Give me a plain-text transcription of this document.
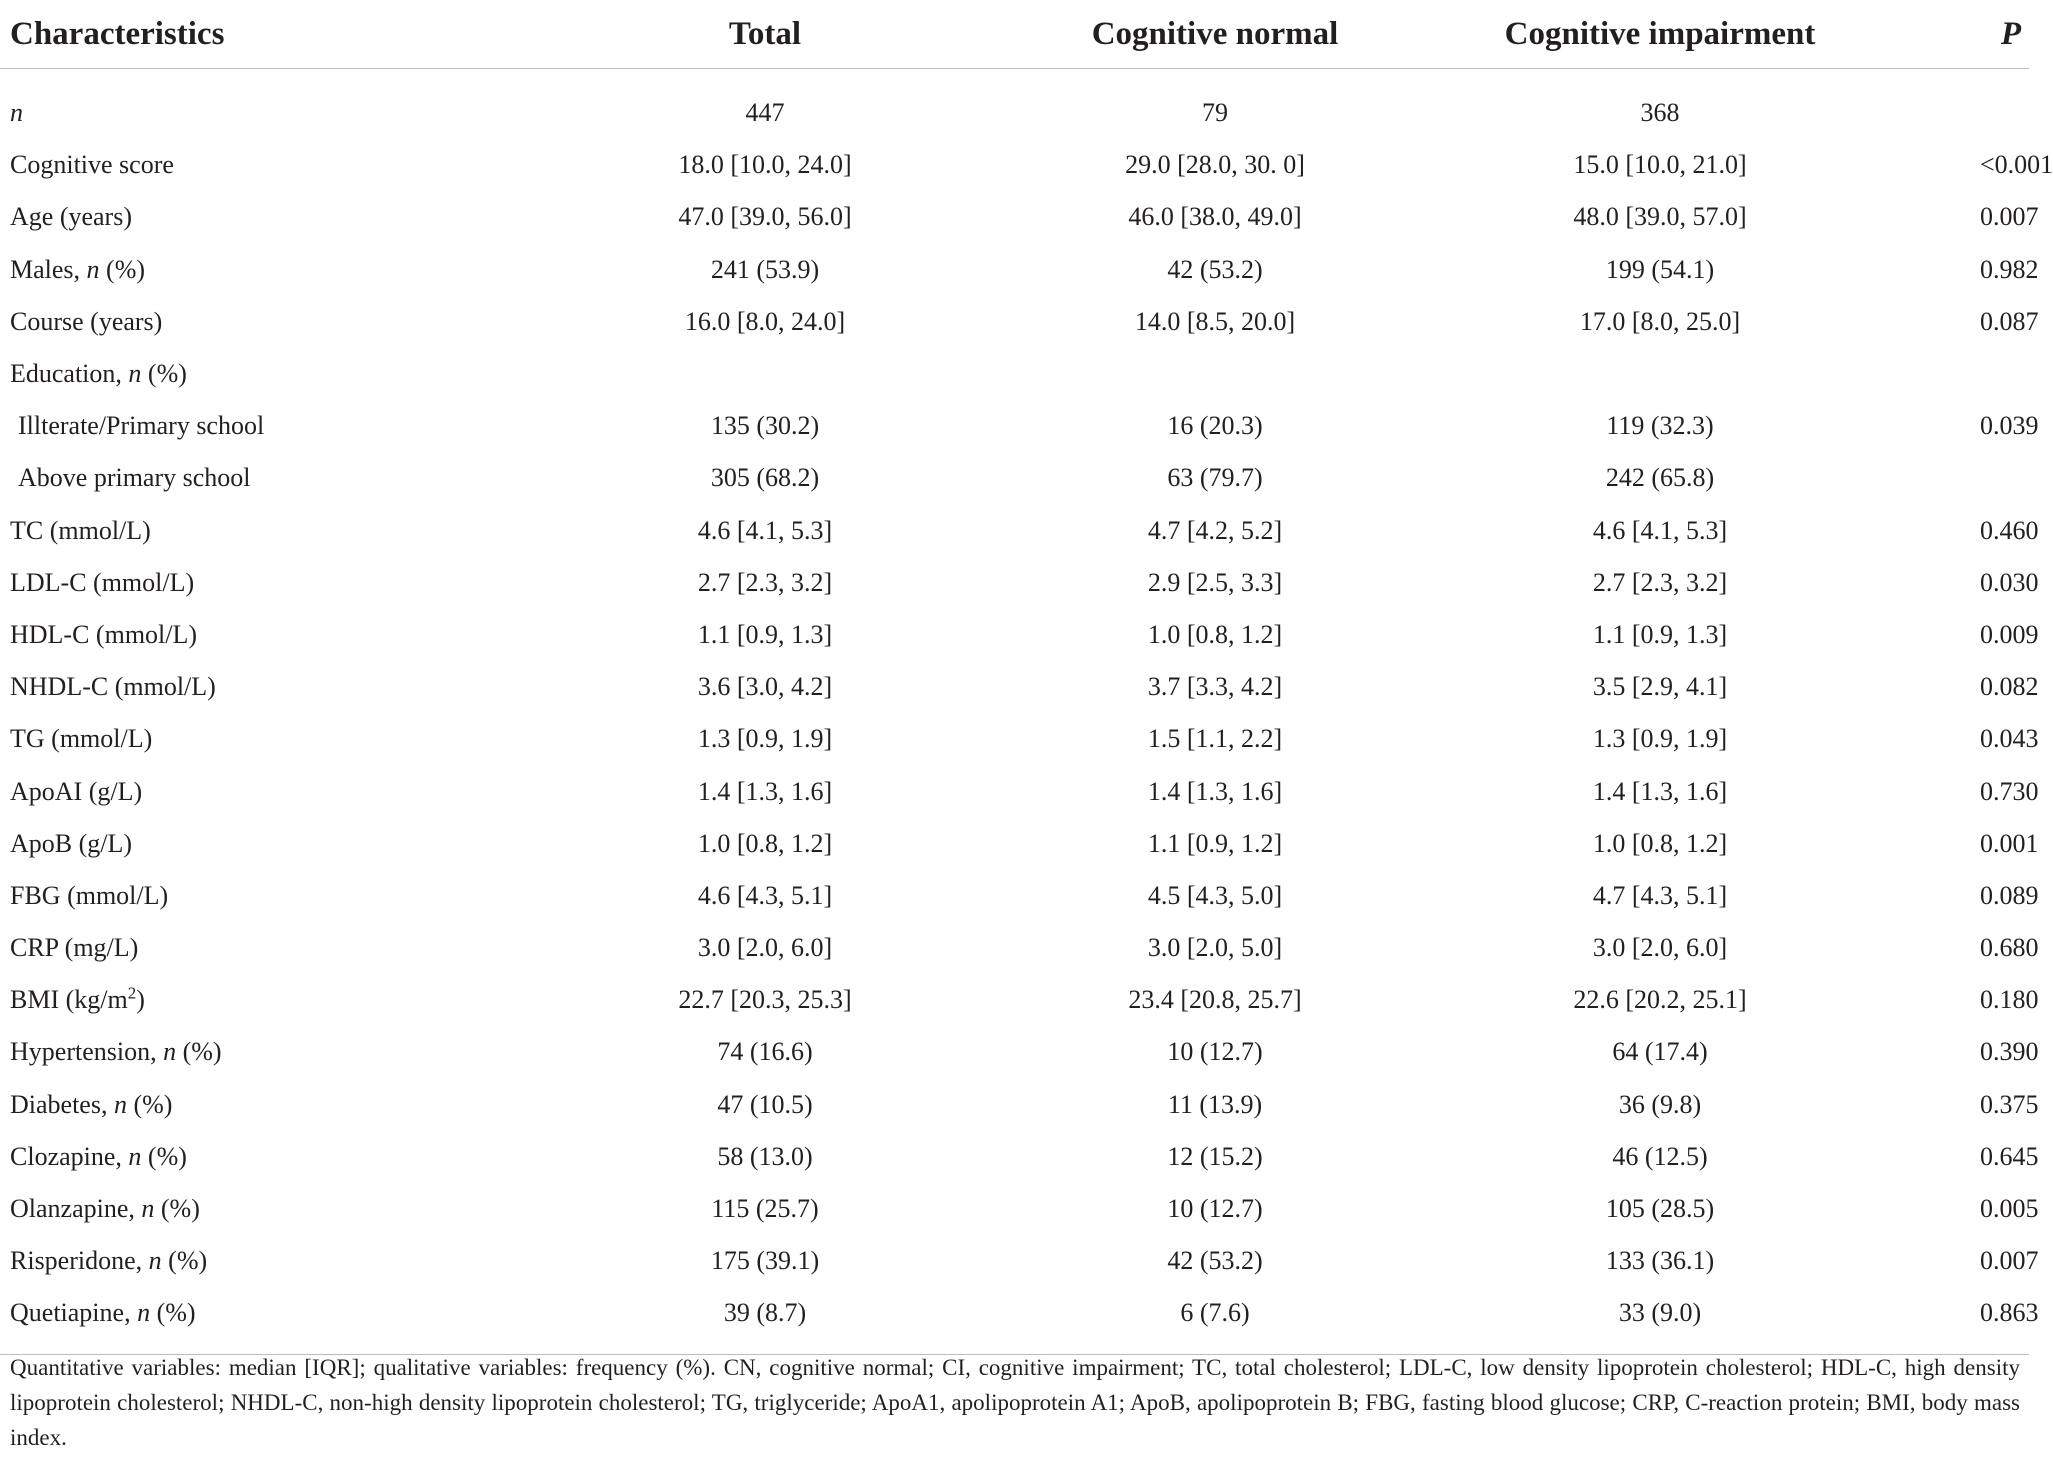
Characteristics	Total	Cognitive normal	Cognitive impairment	P
n	447	79	368	
Cognitive score	18.0 [10.0, 24.0]	29.0 [28.0, 30. 0]	15.0 [10.0, 21.0]	<0.001
Age (years)	47.0 [39.0, 56.0]	46.0 [38.0, 49.0]	48.0 [39.0, 57.0]	0.007
Males, n (%)	241 (53.9)	42 (53.2)	199 (54.1)	0.982
Course (years)	16.0 [8.0, 24.0]	14.0 [8.5, 20.0]	17.0 [8.0, 25.0]	0.087
Education, n (%)				
Illterate/Primary school	135 (30.2)	16 (20.3)	119 (32.3)	0.039
Above primary school	305 (68.2)	63 (79.7)	242 (65.8)	
TC (mmol/L)	4.6 [4.1, 5.3]	4.7 [4.2, 5.2]	4.6 [4.1, 5.3]	0.460
LDL-C (mmol/L)	2.7 [2.3, 3.2]	2.9 [2.5, 3.3]	2.7 [2.3, 3.2]	0.030
HDL-C (mmol/L)	1.1 [0.9, 1.3]	1.0 [0.8, 1.2]	1.1 [0.9, 1.3]	0.009
NHDL-C (mmol/L)	3.6 [3.0, 4.2]	3.7 [3.3, 4.2]	3.5 [2.9, 4.1]	0.082
TG (mmol/L)	1.3 [0.9, 1.9]	1.5 [1.1, 2.2]	1.3 [0.9, 1.9]	0.043
ApoAI (g/L)	1.4 [1.3, 1.6]	1.4 [1.3, 1.6]	1.4 [1.3, 1.6]	0.730
ApoB (g/L)	1.0 [0.8, 1.2]	1.1 [0.9, 1.2]	1.0 [0.8, 1.2]	0.001
FBG (mmol/L)	4.6 [4.3, 5.1]	4.5 [4.3, 5.0]	4.7 [4.3, 5.1]	0.089
CRP (mg/L)	3.0 [2.0, 6.0]	3.0 [2.0, 5.0]	3.0 [2.0, 6.0]	0.680
BMI $(kg/m^2)$	22.7 [20.3, 25.3]	23.4 [20.8, 25.7]	22.6 [20.2, 25.1]	0.180
Hypertension, n (%)	74 (16.6)	10 (12.7)	64 (17.4)	0.390
Diabetes, n (%)	47 (10.5)	11 (13.9)	36 (9.8)	0.375
Clozapine, n (%)	58 (13.0)	12 (15.2)	46 (12.5)	0.645
Olanzapine, n (%)	115 (25.7)	10 (12.7)	105 (28.5)	0.005
Risperidone, n (%)	175 (39.1)	42 (53.2)	133 (36.1)	0.007
Quetiapine, n (%)	39 (8.7)	6 (7.6)	33 (9.0)	0.863
Quantitative variables: median [IQR]; qualitative variables: frequency (%). CN, cognitive normal; CI, cognitive impairment; TC, total cholesterol; LDL-C, low density lipoprotein cholesterol; HDL-C, high density lipoprotein cholesterol; NHDL-C, non-high density lipoprotein cholesterol; TG, triglyceride; ApoA1, apolipoprotein A1; ApoB, apolipoprotein B; FBG, fasting blood glucose; CRP, C-reaction protein; BMI, body mass index.
